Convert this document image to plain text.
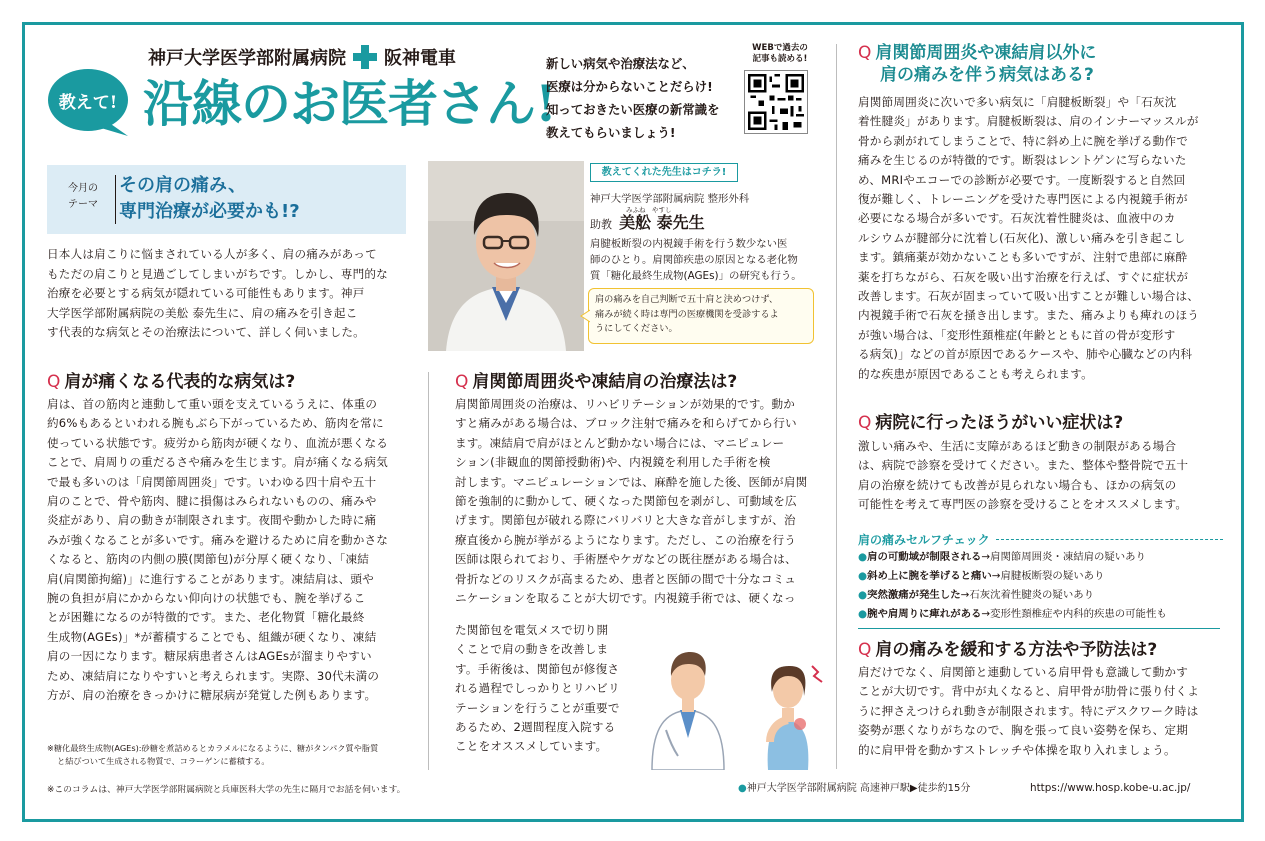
神戸大学医学部附属病院 阪神電車
教えて! 沿線のお医者さん!
新しい病気や治療法など、
医療は分からないことだらけ!
知っておきたい医療の新常識を
教えてもらいましょう!
WEBで過去の
記事も読める!
今月の
テーマ
その肩の痛み、
専門治療が必要かも!?
日本人は肩こりに悩まされている人が多く、肩の痛みがあって
もただの肩こりと見過ごしてしまいがちです。しかし、専門的な
治療を必要とする病気が隠れている可能性もあります。神戸
大学医学部附属病院の美舩 泰先生に、肩の痛みを引き起こ
す代表的な病気とその治療法について、詳しく伺いました。
教えてくれた先生はコチラ!
神戸大学医学部附属病院 整形外科
みふね　やすし
助教 美舩 泰先生
肩腱板断裂の内視鏡手術を行う数少ない医
師のひとり。肩関節疾患の原因となる老化物
質「糖化最終生成物(AGEs)」の研究も行う。
肩の痛みを自己判断で五十肩と決めつけず、
痛みが続く時は専門の医療機関を受診するよ
うにしてください。
Q 肩が痛くなる代表的な病気は?
肩は、首の筋肉と連動して重い頭を支えているうえに、体重の
約6%もあるといわれる腕もぶら下がっているため、筋肉を常に
使っている状態です。疲労から筋肉が硬くなり、血流が悪くなる
ことで、肩周りの重だるさや痛みを生じます。肩が痛くなる病気
で最も多いのは「肩関節周囲炎」です。いわゆる四十肩や五十
肩のことで、骨や筋肉、腱に損傷はみられないものの、痛みや
炎症があり、肩の動きが制限されます。夜間や動かした時に痛
みが強くなることが多いです。痛みを避けるために肩を動かさな
くなると、筋肉の内側の膜(関節包)が分厚く硬くなり、「凍結
肩(肩関節拘縮)」に進行することがあります。凍結肩は、頭や
腕の負担が肩にかからない仰向けの状態でも、腕を挙げるこ
とが困難になるのが特徴的です。また、老化物質「糖化最終
生成物(AGEs)」*が蓄積することでも、組織が硬くなり、凍結
肩の一因になります。糖尿病患者さんはAGEsが溜まりやすい
ため、凍結肩になりやすいと考えられます。実際、30代未満の
方が、肩の治療をきっかけに糖尿病が発覚した例もあります。
※糖化最終生成物(AGEs):砂糖を煮詰めるとカラメルになるように、糖がタンパク質や脂質
と結びついて生成される物質で、コラーゲンに蓄積する。
Q 肩関節周囲炎や凍結肩の治療法は?
肩関節周囲炎の治療は、リハビリテーションが効果的です。動か
すと痛みがある場合は、ブロック注射で痛みを和らげてから行い
ます。凍結肩で肩がほとんど動かない場合には、マニピュレー
ション(非観血的関節授動術)や、内視鏡を利用した手術を検
討します。マニピュレーションでは、麻酔を施した後、医師が肩関
節を強制的に動かして、硬くなった関節包を剥がし、可動域を広
げます。関節包が破れる際にバリバリと大きな音がしますが、治
療直後から腕が挙がるようになります。ただし、この治療を行う
医師は限られており、手術歴やケガなどの既往歴がある場合は、
骨折などのリスクが高まるため、患者と医師の間で十分なコミュ
ニケーションを取ることが大切です。内視鏡手術では、硬くなっ
た関節包を電気メスで切り開
くことで肩の動きを改善しま
す。手術後は、関節包が修復さ
れる過程でしっかりとリハビリ
テーションを行うことが重要で
あるため、2週間程度入院する
ことをオススメしています。
Q 肩関節周囲炎や凍結肩以外に
肩の痛みを伴う病気はある?
肩関節周囲炎に次いで多い病気に「肩腱板断裂」や「石灰沈
着性腱炎」があります。肩腱板断裂は、肩のインナーマッスルが
骨から剥がれてしまうことで、特に斜め上に腕を挙げる動作で
痛みを生じるのが特徴的です。断裂はレントゲンに写らないた
め、MRIやエコーでの診断が必要です。一度断裂すると自然回
復が難しく、トレーニングを受けた専門医による内視鏡手術が
必要になる場合が多いです。石灰沈着性腱炎は、血液中のカ
ルシウムが腱部分に沈着し(石灰化)、激しい痛みを引き起こし
ます。鎮痛薬が効かないことも多いですが、注射で患部に麻酔
薬を打ちながら、石灰を吸い出す治療を行えば、すぐに症状が
改善します。石灰が固まっていて吸い出すことが難しい場合は、
内視鏡手術で石灰を掻き出します。また、痛みよりも痺れのほう
が強い場合は、「変形性頚椎症(年齢とともに首の骨が変形す
る病気)」などの首が原因であるケースや、肺や心臓などの内科
的な疾患が原因であることも考えられます。
Q 病院に行ったほうがいい症状は?
激しい痛みや、生活に支障があるほど動きの制限がある場合
は、病院で診察を受けてください。また、整体や整骨院で五十
肩の治療を続けても改善が見られない場合も、ほかの病気の
可能性を考えて専門医の診察を受けることをオススメします。
肩の痛みセルフチェック
●肩の可動域が制限される→肩関節周囲炎・凍結肩の疑いあり
●斜め上に腕を挙げると痛い→肩腱板断裂の疑いあり
●突然激痛が発生した→石灰沈着性腱炎の疑いあり
●腕や肩周りに痺れがある→変形性頚椎症や内科的疾患の可能性も
Q 肩の痛みを緩和する方法や予防法は?
肩だけでなく、肩関節と連動している肩甲骨も意識して動かす
ことが大切です。背中が丸くなると、肩甲骨が肋骨に張り付くよ
うに押さえつけられ動きが制限されます。特にデスクワーク時は
姿勢が悪くなりがちなので、胸を張って良い姿勢を保ち、定期
的に肩甲骨を動かすストレッチや体操を取り入れましょう。
※このコラムは、神戸大学医学部附属病院と兵庫医科大学の先生に隔月でお話を伺います。	●神戸大学医学部附属病院 高速神戸駅▶徒歩約15分	https://www.hosp.kobe-u.ac.jp/
